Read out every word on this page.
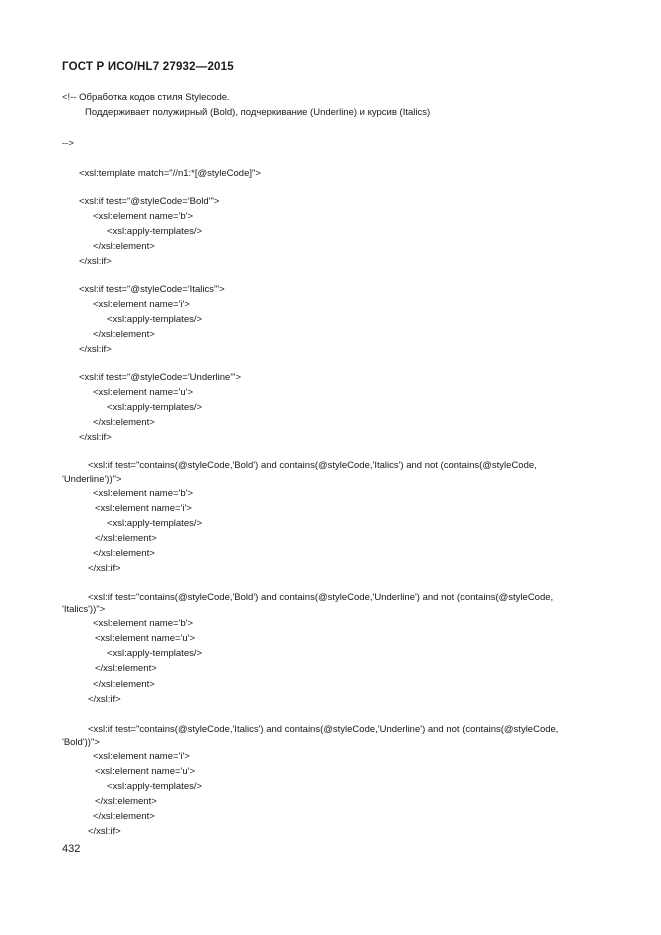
ГОСТ Р ИСО/HL7 27932—2015
<!-- Обработка кодов стиля Stylecode.
Поддерживает полужирный (Bold), подчеркивание (Underline) и курсив (Italics)
-->
<xsl:template match="//n1:*[@styleCode]">
<xsl:if test="@styleCode='Bold'">
<xsl:element name='b'>
<xsl:apply-templates/>
</xsl:element>
</xsl:if>
<xsl:if test="@styleCode='Italics'">
<xsl:element name='i'>
<xsl:apply-templates/>
</xsl:element>
</xsl:if>
<xsl:if test="@styleCode='Underline'">
<xsl:element name='u'>
<xsl:apply-templates/>
</xsl:element>
</xsl:if>
<xsl:if test="contains(@styleCode,'Bold') and contains(@styleCode,'Italics') and not (contains(@styleCode,
'Underline'))">
<xsl:element name='b'>
<xsl:element name='i'>
<xsl:apply-templates/>
</xsl:element>
</xsl:element>
</xsl:if>
<xsl:if test="contains(@styleCode,'Bold') and contains(@styleCode,'Underline') and not (contains(@styleCode,
'Italics'))">
<xsl:element name='b'>
<xsl:element name='u'>
<xsl:apply-templates/>
</xsl:element>
</xsl:element>
</xsl:if>
<xsl:if test="contains(@styleCode,'Italics') and contains(@styleCode,'Underline') and not (contains(@styleCode,
'Bold'))">
<xsl:element name='i'>
<xsl:element name='u'>
<xsl:apply-templates/>
</xsl:element>
</xsl:element>
</xsl:if>
432
